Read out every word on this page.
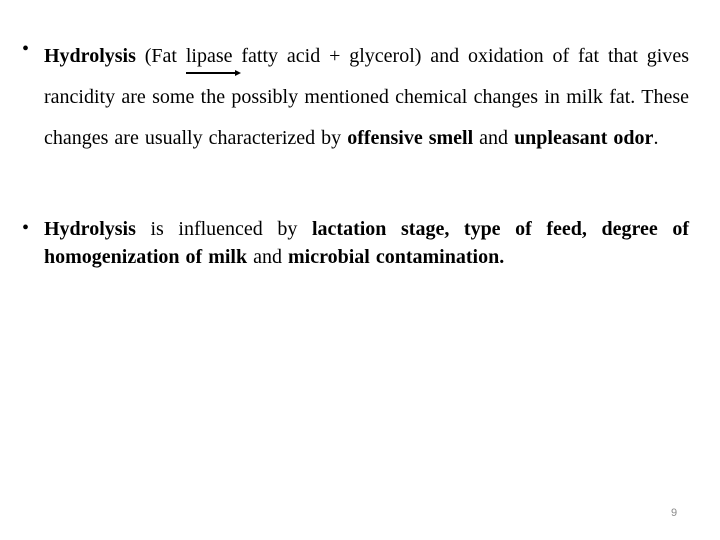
• Hydrolysis (Fat lipase fatty acid + glycerol) and oxidation of fat that gives rancidity are some the possibly mentioned chemical changes in milk fat. These changes are usually characterized by offensive smell and unpleasant odor.
• Hydrolysis is influenced by lactation stage, type of feed, degree of homogenization of milk and microbial contamination.
9
